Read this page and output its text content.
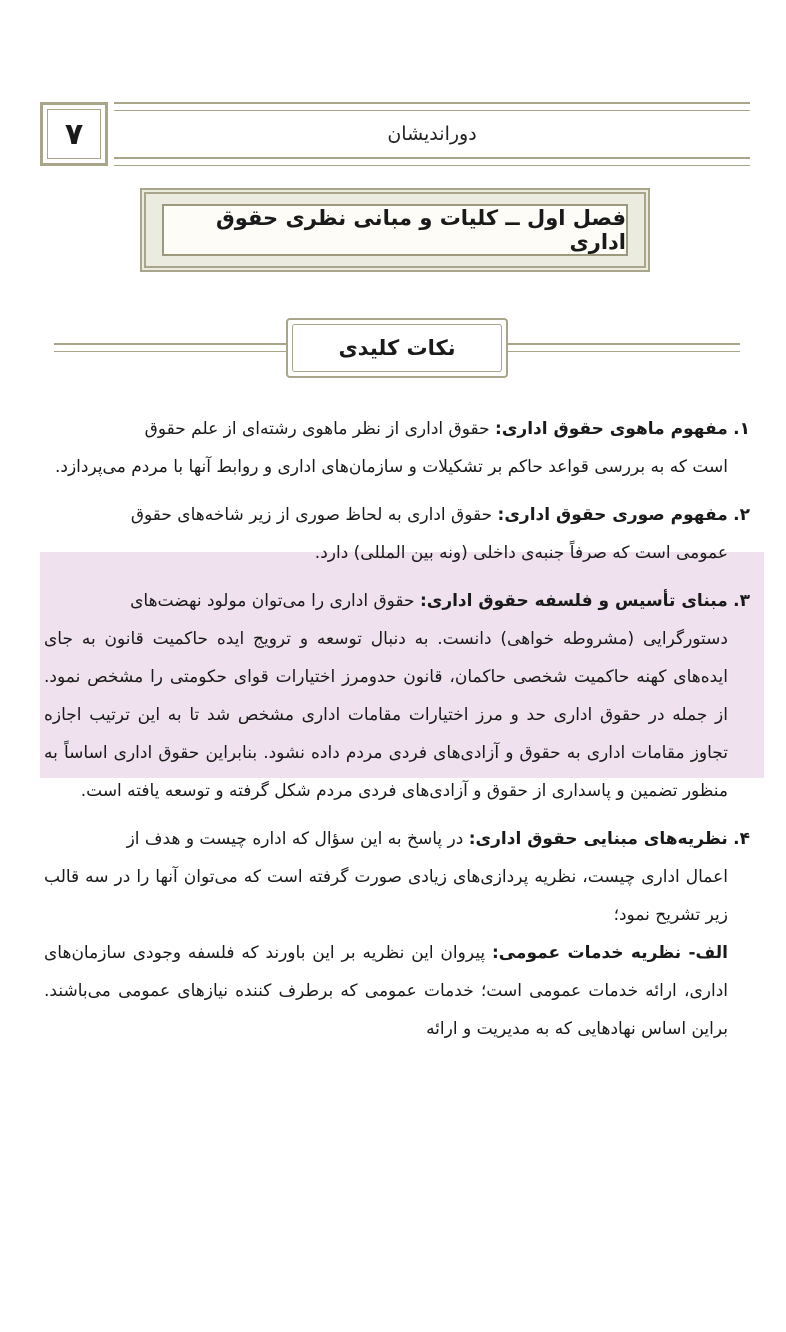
۷	دوراندیشان
فصل اول ــ کلیات و مبانی نظری حقوق اداری
نکات کلیدی

۱. مفهوم ماهوی حقوق اداری: حقوق اداری از نظر ماهوی رشته‌ای از علم حقوق

است که به بررسی قواعد حاکم بر تشکیلات و سازمان‌های اداری و روابط آنها با مردم می‌پردازد.

۲. مفهوم صوری حقوق اداری: حقوق اداری به لحاظ صوری از زیر شاخه‌های حقوق

عمومی است که صرفاً جنبه‌ی داخلی (ونه بین المللی) دارد.

۳. مبنای تأسیس و فلسفه حقوق اداری: حقوق اداری را می‌توان مولود نهضت‌های

دستورگرایی (مشروطه خواهی) دانست. به دنبال توسعه و ترویج ایده حاکمیت قانون به جای ایده‌های کهنه حاکمیت شخصی حاکمان، قانون حدومرز اختیارات قوای حکومتی را مشخص نمود. از جمله در حقوق اداری حد و مرز اختیارات مقامات اداری مشخص شد تا به این ترتیب اجازه تجاوز مقامات اداری به حقوق و آزادی‌های فردی مردم داده نشود. بنابراین حقوق اداری اساساً به منظور تضمین و پاسداری از حقوق و آزادی‌های فردی مردم شکل گرفته و توسعه یافته است.

۴. نظریه‌های مبنایی حقوق اداری: در پاسخ به این سؤال که اداره چیست و هدف از

اعمال اداری چیست، نظریه پردازی‌های زیادی صورت گرفته است که می‌توان آنها را در سه قالب زیر تشریح نمود؛

الف- نظریه خدمات عمومی: پیروان این نظریه بر این باورند که فلسفه وجودی سازمان‌های اداری، ارائه خدمات عمومی است؛ خدمات عمومی که برطرف کننده نیازهای عمومی می‌باشند. براین اساس نهادهایی که به مدیریت و ارائه
